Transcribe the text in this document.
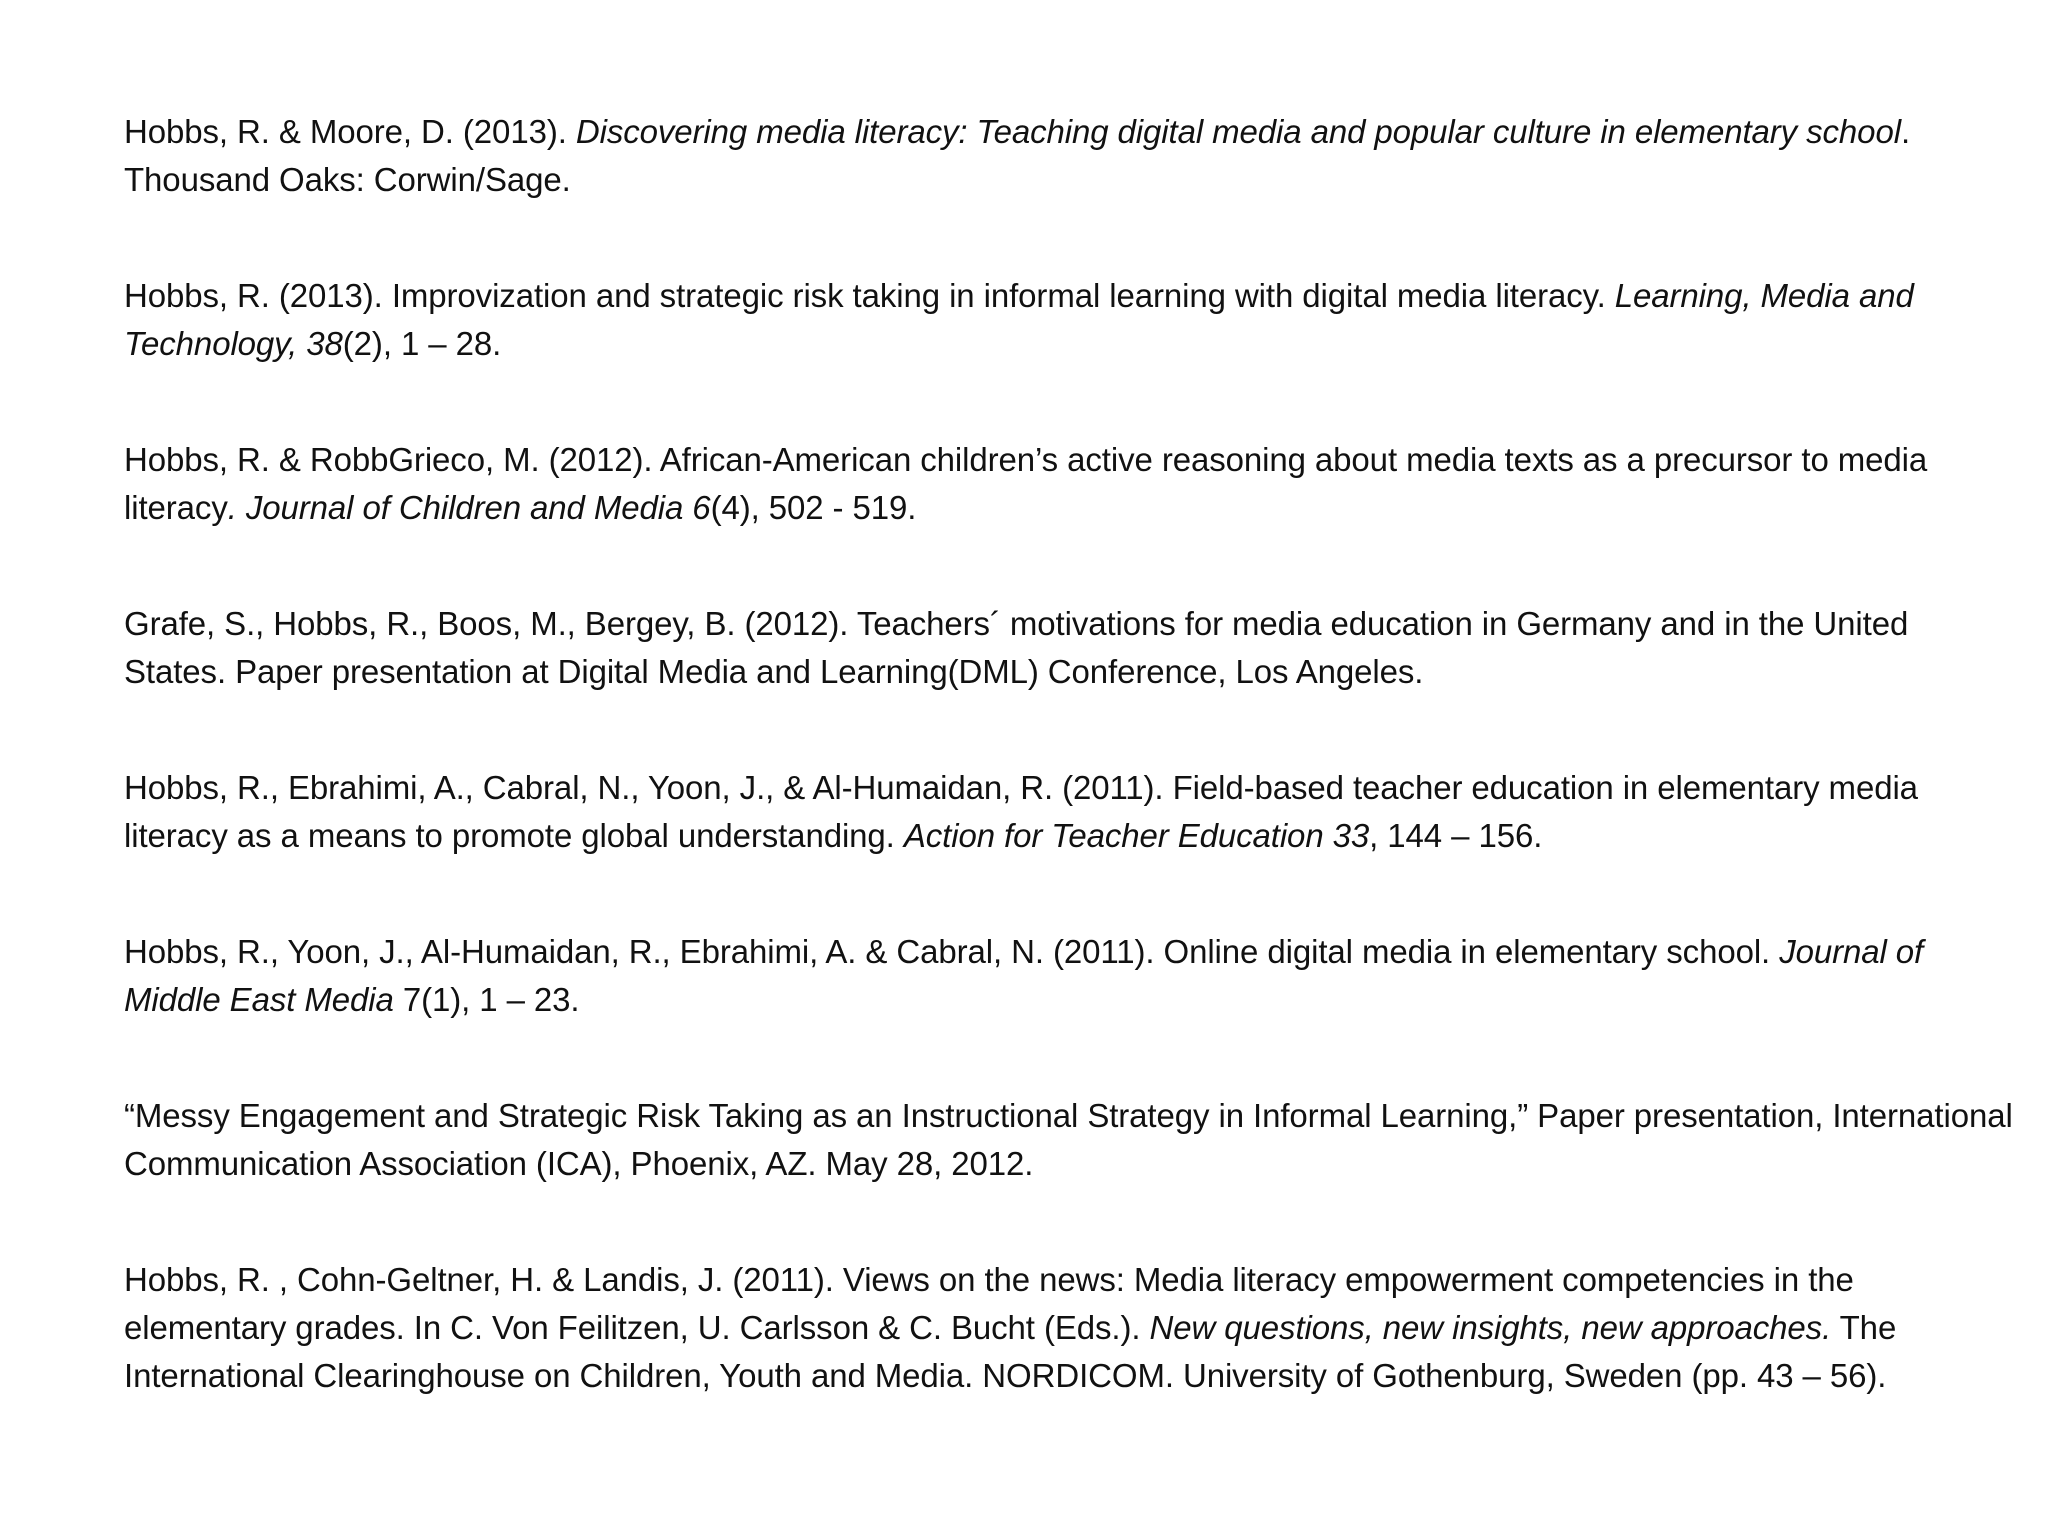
Hobbs, R. & Moore, D. (2013). Discovering media literacy: Teaching digital media and popular culture in elementary school. Thousand Oaks: Corwin/Sage.

Hobbs, R. (2013). Improvization and strategic risk taking in informal learning with digital media literacy. Learning, Media and Technology, 38(2), 1 – 28.

Hobbs, R. & RobbGrieco, M. (2012). African-American children’s active reasoning about media texts as a precursor to media literacy. Journal of Children and Media 6(4), 502 - 519.

Grafe, S., Hobbs, R., Boos, M., Bergey, B. (2012). Teachers´ motivations for media education in Germany and in the United States. Paper presentation at Digital Media and Learning(DML) Conference, Los Angeles.

Hobbs, R., Ebrahimi, A., Cabral, N., Yoon, J., & Al-Humaidan, R. (2011). Field-based teacher education in elementary media literacy as a means to promote global understanding. Action for Teacher Education 33, 144 – 156.

Hobbs, R., Yoon, J., Al-Humaidan, R., Ebrahimi, A. & Cabral, N. (2011). Online digital media in elementary school. Journal of Middle East Media 7(1), 1 – 23.

“Messy Engagement and Strategic Risk Taking as an Instructional Strategy in Informal Learning,” Paper presentation, International Communication Association (ICA), Phoenix, AZ. May 28, 2012.

Hobbs, R. , Cohn-Geltner, H. & Landis, J. (2011). Views on the news: Media literacy empowerment competencies in the elementary grades. In C. Von Feilitzen, U. Carlsson & C. Bucht (Eds.). New questions, new insights, new approaches. The International Clearinghouse on Children, Youth and Media. NORDICOM. University of Gothenburg, Sweden (pp. 43 – 56).
